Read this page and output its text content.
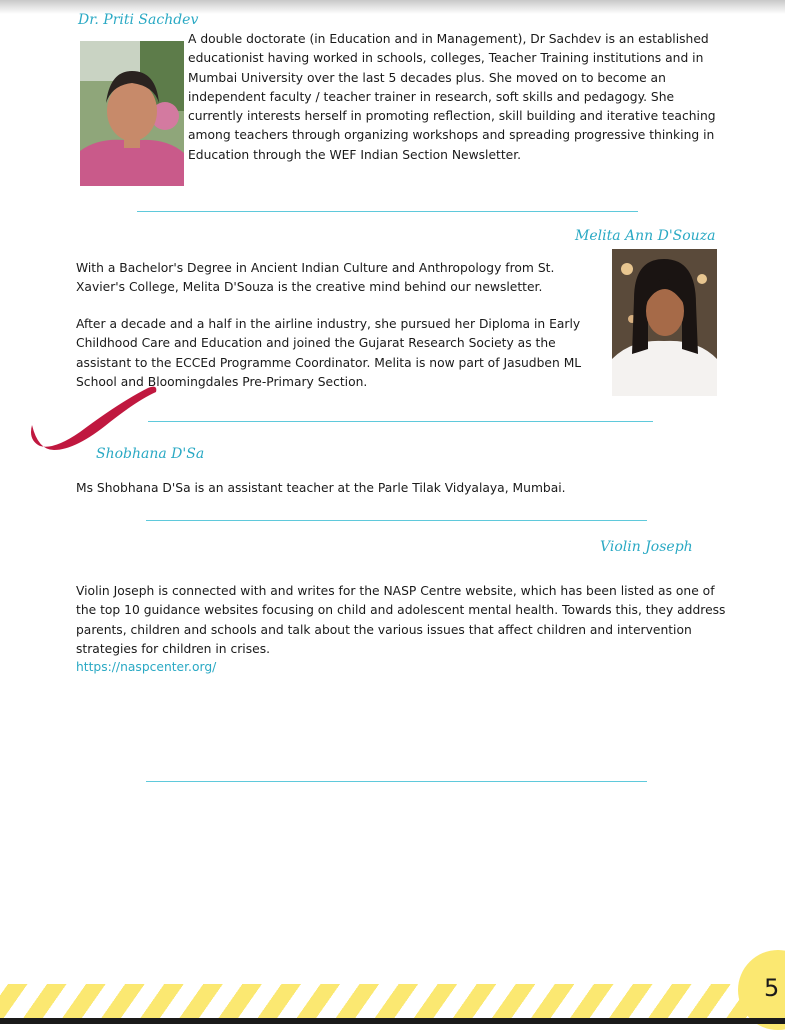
Dr. Priti Sachdev

A double doctorate (in Education and in Management), Dr Sachdev is an established educationist having worked in schools, colleges, Teacher Training institutions and in Mumbai University over the last 5 decades plus. She moved on to become an independent faculty / teacher trainer in research, soft skills and pedagogy. She currently interests herself in promoting reflection, skill building and iterative teaching among teachers through organizing workshops and spreading progressive thinking in Education through the WEF Indian Section Newsletter.

Melita Ann D'Souza

With a Bachelor's Degree in Ancient Indian Culture and Anthropology from St. Xavier's College, Melita D'Souza is the creative mind behind our newsletter.

After a decade and a half in the airline industry, she pursued her Diploma in Early Childhood Care and Education and joined the Gujarat Research Society as the assistant to the ECCEd Programme Coordinator. Melita is now part of Jasudben ML School and Bloomingdales Pre-Primary Section.

Shobhana D'Sa

Ms Shobhana D'Sa is an assistant teacher at the Parle Tilak Vidyalaya, Mumbai.

Violin Joseph

Violin Joseph is connected with and writes for the NASP Centre website, which has been listed as one of the top 10 guidance websites focusing on child and adolescent mental health. Towards this, they address parents, children and schools and talk about the various issues that affect children and intervention strategies for children in crises.

https://naspcenter.org/
5
